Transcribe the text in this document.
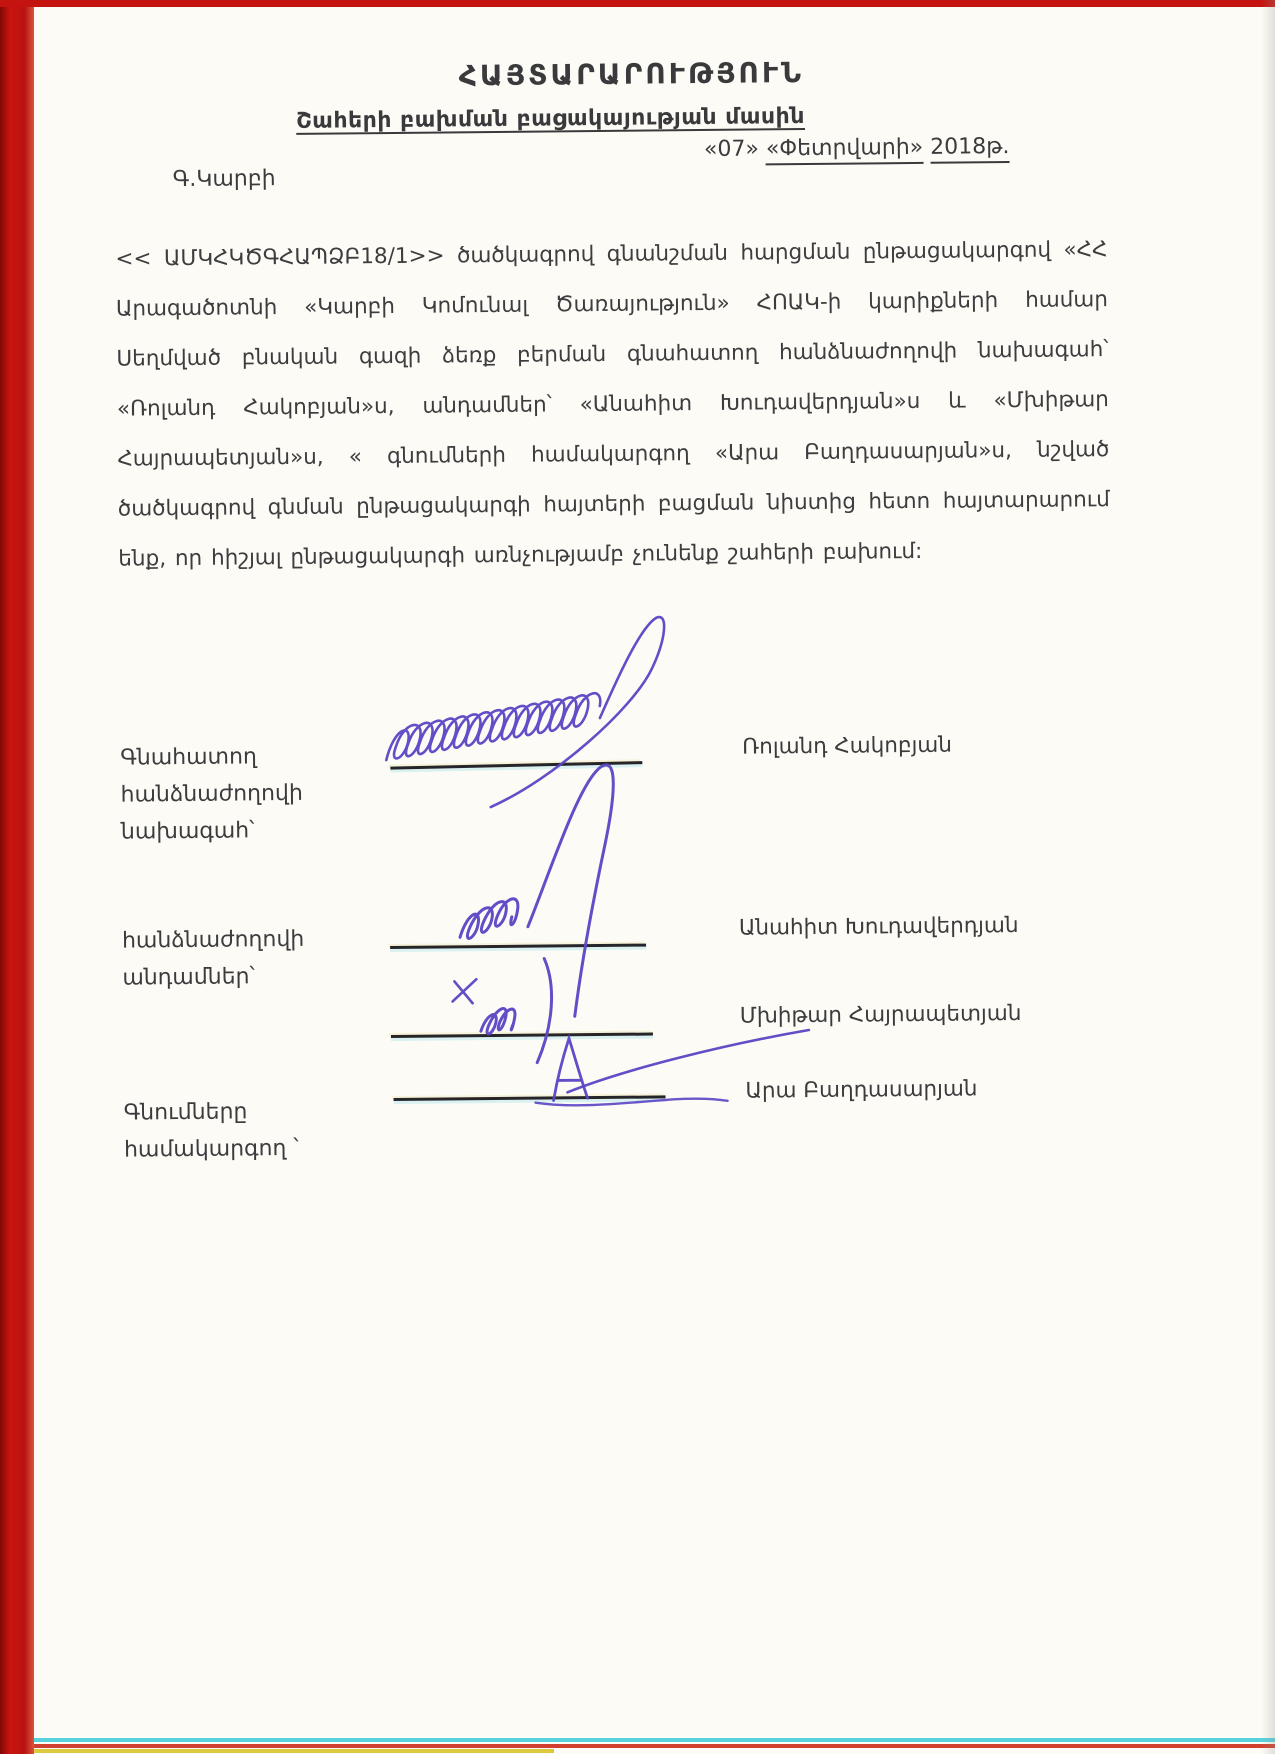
ՀԱՅՏԱՐԱՐՈՒԹՅՈՒՆ
Շահերի բախման բացակայության մասին
«07» «Փետրվարի» 2018թ.
Գ.Կարբի

<< ԱՄԿՀԿԾԳՀԱՊՁԲ18/1>> ծածկագրով գնանշման հարցման ընթացակարգով «ՀՀ Արագածոտնի «Կարբի Կոմունալ Ծառայություն» ՀՈԱԿ-ի կարիքների համար Սեղմված բնական գազի ձեռք բերման գնահատող հանձնաժողովի նախագահ՝ «Ռոլանդ Հակոբյան»ս, անդամներ՝ «Անահիտ Խուդավերդյան»ս և «Մխիթար Հայրապետյան»ս, « գնումների համակարգող «Արա Բաղդասարյան»ս, նշված ծածկագրով գնման ընթացակարգի հայտերի բացման նիստից հետո հայտարարում ենք, որ հիշյալ ընթացակարգի առնչությամբ չունենք շահերի բախում:

Գնահատող
հանձնաժողովի
նախագահ՝
Ռոլանդ Հակոբյան
հանձնաժողովի
անդամներ՝
Անահիտ Խուդավերդյան
Մխիթար Հայրապետյան
Գնումները
համակարգող ՝
Արա Բաղդասարյան
